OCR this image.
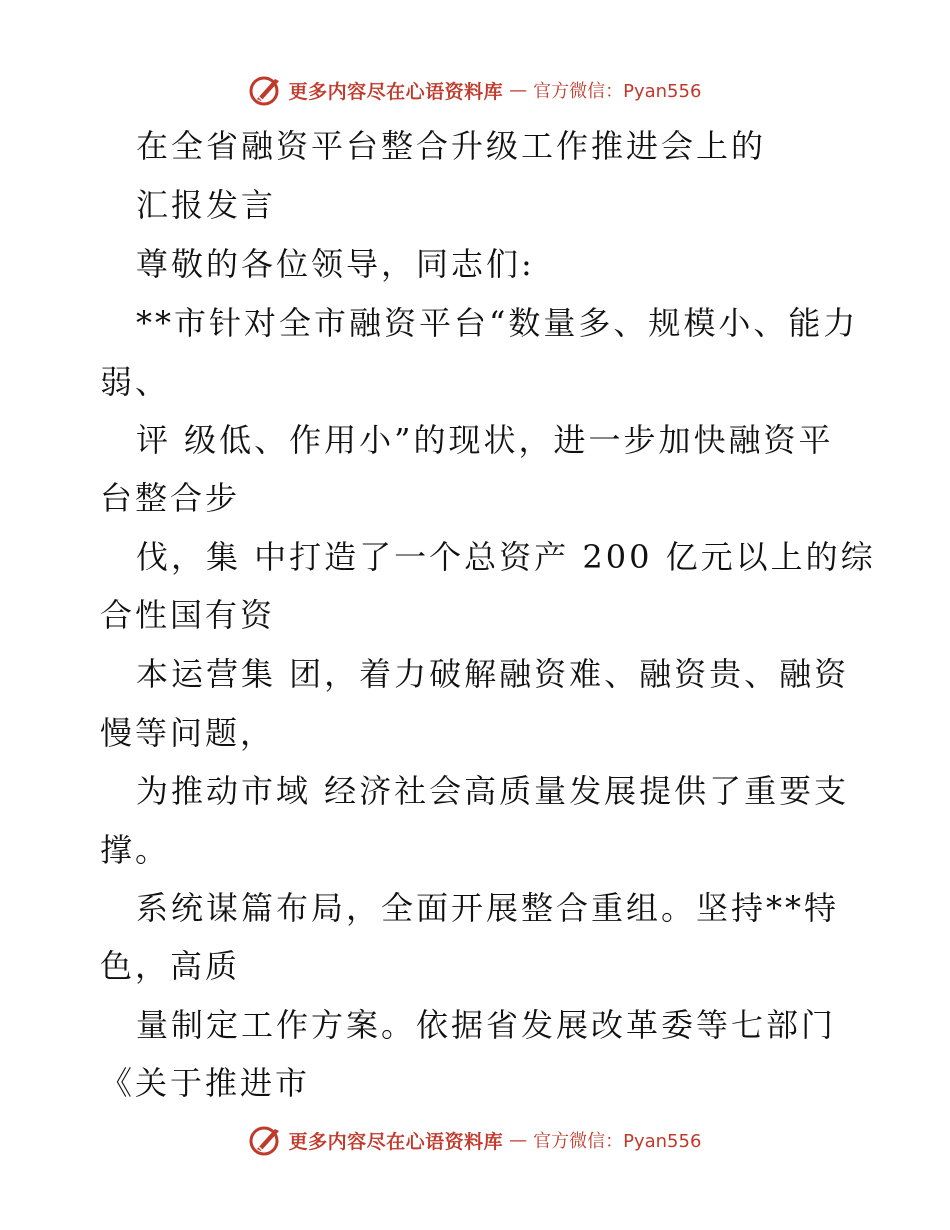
更多内容尽在心语资料库 — 官方微信：Pyan556
在全省融资平台整合升级工作推进会上的
汇报发言
尊敬的各位领导，同志们:
**市针对全市融资平台“数量多、规模小、能力
弱、
评 级低、作用小”的现状，进一步加快融资平
台整合步
伐，集 中打造了一个总资产 200 亿元以上的综
合性国有资
本运营集 团，着力破解融资难、融资贵、融资
慢等问题，
为推动市域 经济社会高质量发展提供了重要支
撑。
系统谋篇布局，全面开展整合重组。坚持**特
色，高质
量制定工作方案。依据省发展改革委等七部门
《关于推进市
更多内容尽在心语资料库 — 官方微信：Pyan556
